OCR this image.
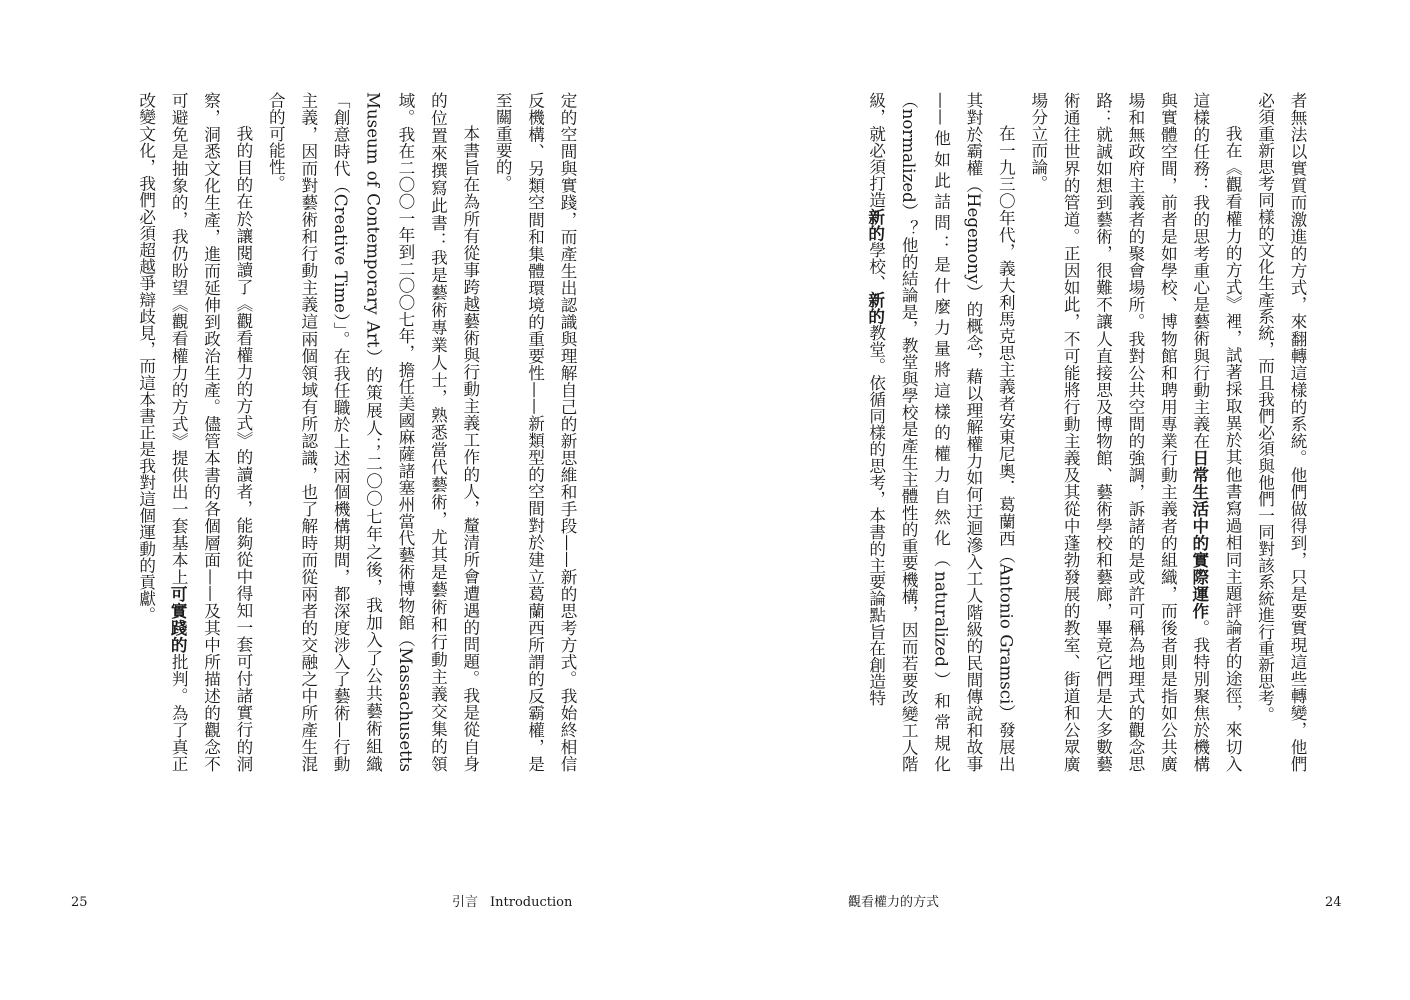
者無法以實質而激進的方式，來翻轉這樣的系統。他們做得到，只是要實現這些轉變，他們必須重新思考同樣的文化生產系統，而且我們必須與他們一同對該系統進行重新思考。

我在《觀看權力的方式》裡，試著採取異於其他書寫過相同主題評論者的途徑，來切入這樣的任務：我的思考重心是藝術與行動主義在日常生活中的實際運作。我特別聚焦於機構與實體空間，前者是如學校、博物館和聘用專業行動主義者的組織，而後者則是指如公共廣場和無政府主義者的聚會場所。我對公共空間的強調，訴諸的是或許可稱為地理式的觀念思路：就誠如想到藝術，很難不讓人直接思及博物館、藝術學校和藝廊，畢竟它們是大多數藝術通往世界的管道。正因如此，不可能將行動主義及其從中蓬勃發展的教室、街道和公眾廣場分立而論。

在一九三〇年代，義大利馬克思主義者安東尼奧．葛蘭西（Antonio Gramsci）發展出其對於霸權（Hegemony）的概念，藉以理解權力如何迂迴滲入工人階級的民間傳說和故事——他如此詰問：是什麼力量將這樣的權力自然化（naturalized）和常規化（normalized）？他的結論是，教堂與學校是產生主體性的重要機構，因而若要改變工人階級，就必須打造新的學校、新的教堂。依循同樣的思考，本書的主要論點旨在創造特

觀看權力的方式	24

定的空間與實踐，而產生出認識與理解自己的新思維和手段——新的思考方式。我始終相信反機構、另類空間和集體環境的重要性——新類型的空間對於建立葛蘭西所謂的反霸權，是至關重要的。

本書旨在為所有從事跨越藝術與行動主義工作的人，釐清所會遭遇的問題。我是從自身的位置來撰寫此書：我是藝術專業人士，熟悉當代藝術，尤其是藝術和行動主義交集的領域。我在二〇〇一年到二〇〇七年，擔任美國麻薩諸塞州當代藝術博物館（Massachusetts Museum of Contemporary Art）的策展人；二〇〇七年之後，我加入了公共藝術組織「創意時代（Creative Time）」。在我任職於上述兩個機構期間，都深度涉入了藝術—行動主義，因而對藝術和行動主義這兩個領域有所認識，也了解時而從兩者的交融之中所產生混合的可能性。

我的目的在於讓閱讀了《觀看權力的方式》的讀者，能夠從中得知一套可付諸實行的洞察，洞悉文化生產，進而延伸到政治生產。儘管本書的各個層面——及其中所描述的觀念不可避免是抽象的，我仍盼望《觀看權力的方式》提供出一套基本上可實踐的批判。為了真正改變文化，我們必須超越爭辯歧見，而這本書正是我對這個運動的貢獻。

25	引言 Introduction
